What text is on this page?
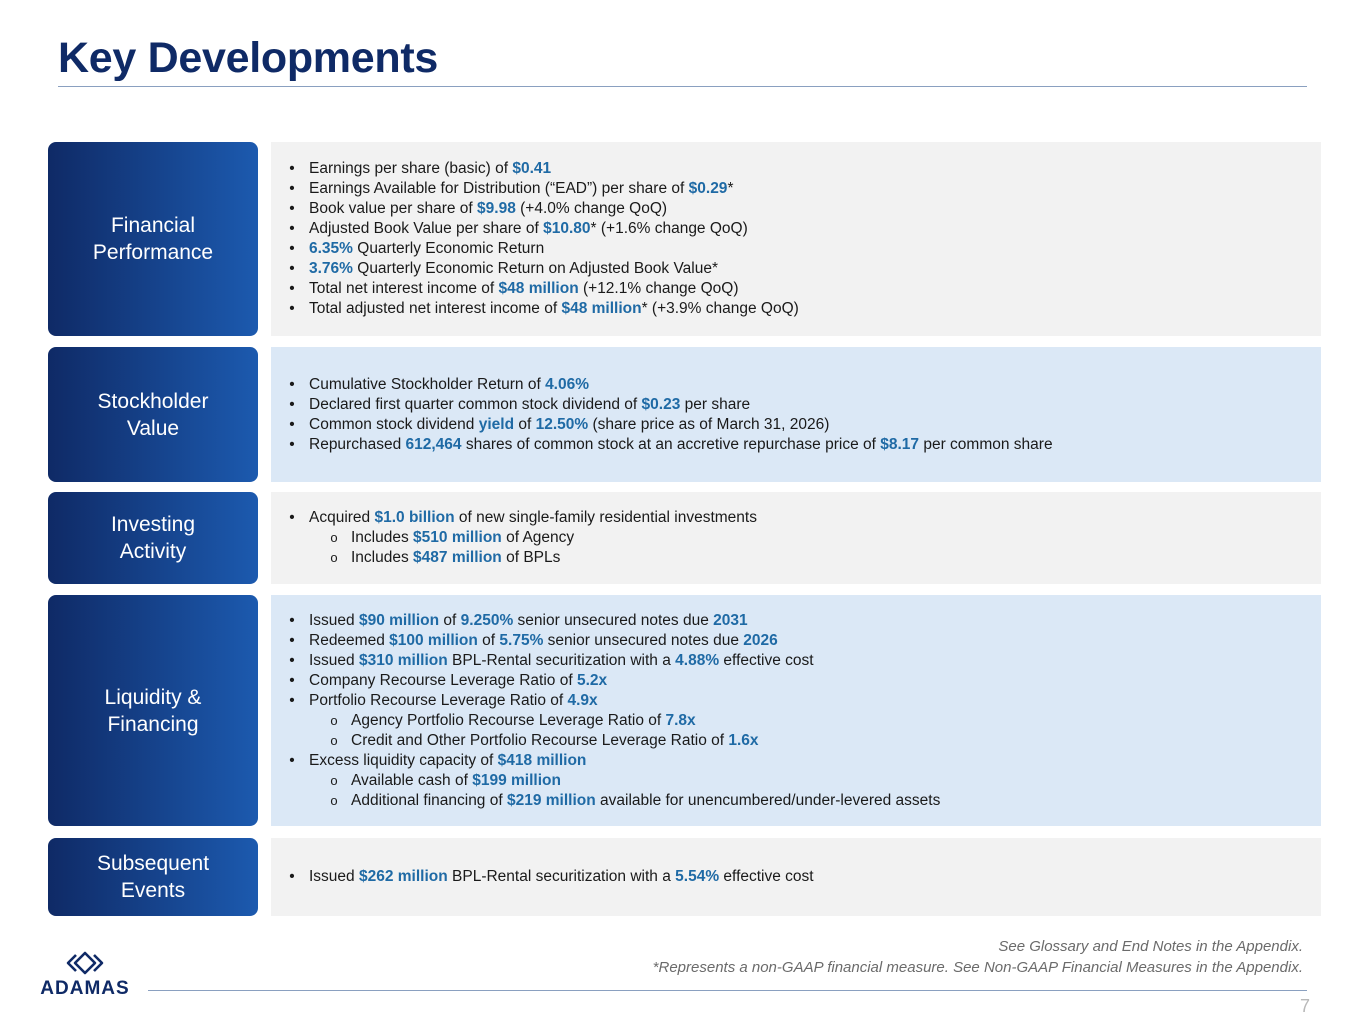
Key Developments
Financial
Performance
• Earnings per share (basic) of $0.41
• Earnings Available for Distribution (“EAD”) per share of $0.29*
• Book value per share of $9.98 (+4.0% change QoQ)
• Adjusted Book Value per share of $10.80* (+1.6% change QoQ)
• 6.35% Quarterly Economic Return
• 3.76% Quarterly Economic Return on Adjusted Book Value*
• Total net interest income of $48 million (+12.1% change QoQ)
• Total adjusted net interest income of $48 million* (+3.9% change QoQ)
Stockholder
Value
• Cumulative Stockholder Return of 4.06%
• Declared first quarter common stock dividend of $0.23 per share
• Common stock dividend yield of 12.50% (share price as of March 31, 2026)
• Repurchased 612,464 shares of common stock at an accretive repurchase price of $8.17 per common share
Investing
Activity
• Acquired $1.0 billion of new single-family residential investments
o Includes $510 million of Agency
o Includes $487 million of BPLs
Liquidity &
Financing
• Issued $90 million of 9.250% senior unsecured notes due 2031
• Redeemed $100 million of 5.75% senior unsecured notes due 2026
• Issued $310 million BPL-Rental securitization with a 4.88% effective cost
• Company Recourse Leverage Ratio of 5.2x
• Portfolio Recourse Leverage Ratio of 4.9x
o Agency Portfolio Recourse Leverage Ratio of 7.8x
o Credit and Other Portfolio Recourse Leverage Ratio of 1.6x
• Excess liquidity capacity of $418 million
o Available cash of $199 million
o Additional financing of $219 million available for unencumbered/under-levered assets
Subsequent
Events
• Issued $262 million BPL-Rental securitization with a 5.54% effective cost
ADAMAS
See Glossary and End Notes in the Appendix.
*Represents a non-GAAP financial measure. See Non-GAAP Financial Measures in the Appendix.
7
